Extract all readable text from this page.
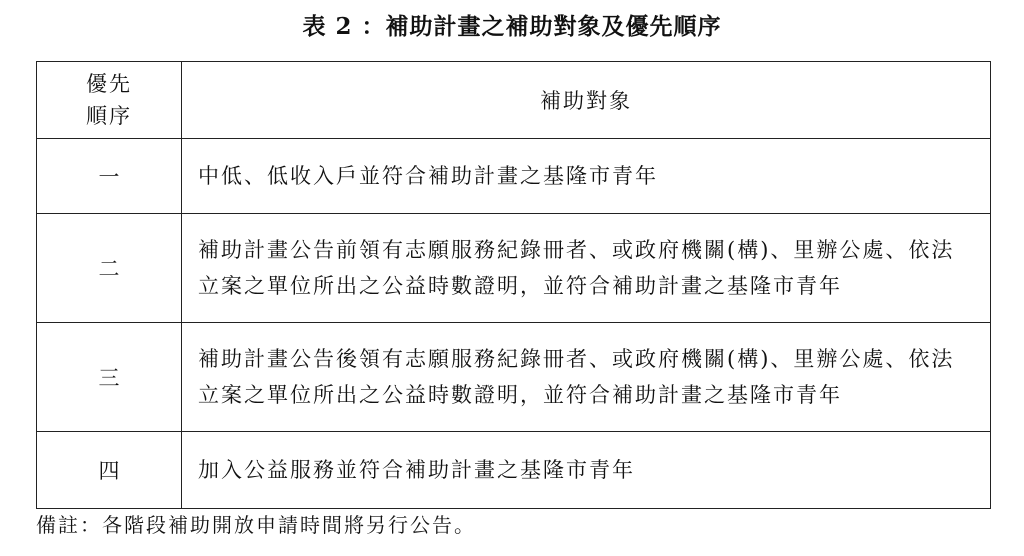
表 2 ：補助計畫之補助對象及優先順序
優先
順序	補助對象
一	中低、低收入戶並符合補助計畫之基隆市青年
二	補助計畫公告前領有志願服務紀錄冊者、或政府機關(構)、里辦公處、依法立案之單位所出之公益時數證明，並符合補助計畫之基隆市青年
三	補助計畫公告後領有志願服務紀錄冊者、或政府機關(構)、里辦公處、依法立案之單位所出之公益時數證明，並符合補助計畫之基隆市青年
四	加入公益服務並符合補助計畫之基隆市青年
備註：各階段補助開放申請時間將另行公告。
